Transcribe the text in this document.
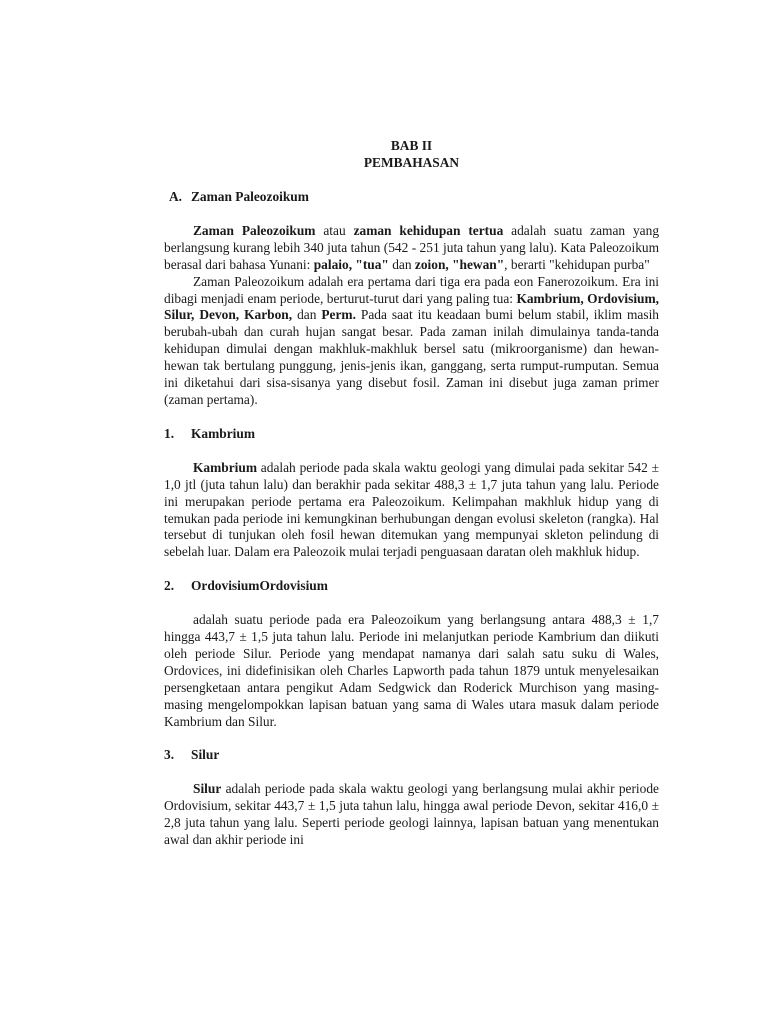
BAB II
PEMBAHASAN
A. Zaman Paleozoikum

Zaman Paleozoikum atau zaman kehidupan tertua adalah suatu zaman yang berlangsung kurang lebih 340 juta tahun (542 - 251 juta tahun yang lalu). Kata Paleozoikum berasal dari bahasa Yunani: palaio, "tua" dan zoion, "hewan", berarti "kehidupan purba"

Zaman Paleozoikum adalah era pertama dari tiga era pada eon Fanerozoikum. Era ini dibagi menjadi enam periode, berturut-turut dari yang paling tua: Kambrium, Ordovisium, Silur, Devon, Karbon, dan Perm. Pada saat itu keadaan bumi belum stabil, iklim masih berubah-ubah dan curah hujan sangat besar. Pada zaman inilah dimulainya tanda-tanda kehidupan dimulai dengan makhluk-makhluk bersel satu (mikroorganisme) dan hewan-hewan tak bertulang punggung, jenis-jenis ikan, ganggang, serta rumput-rumputan. Semua ini diketahui dari sisa-sisanya yang disebut fosil. Zaman ini disebut juga zaman primer (zaman pertama).

1. Kambrium

Kambrium adalah periode pada skala waktu geologi yang dimulai pada sekitar 542 ± 1,0 jtl (juta tahun lalu) dan berakhir pada sekitar 488,3 ± 1,7 juta tahun yang lalu. Periode ini merupakan periode pertama era Paleozoikum. Kelimpahan makhluk hidup yang di temukan pada periode ini kemungkinan berhubungan dengan evolusi skeleton (rangka). Hal tersebut di tunjukan oleh fosil hewan ditemukan yang mempunyai skleton pelindung di sebelah luar. Dalam era Paleozoik mulai terjadi penguasaan daratan oleh makhluk hidup.

2. OrdovisiumOrdovisium

adalah suatu periode pada era Paleozoikum yang berlangsung antara 488,3 ± 1,7 hingga 443,7 ± 1,5 juta tahun lalu. Periode ini melanjutkan periode Kambrium dan diikuti oleh periode Silur. Periode yang mendapat namanya dari salah satu suku di Wales, Ordovices, ini didefinisikan oleh Charles Lapworth pada tahun 1879 untuk menyelesaikan persengketaan antara pengikut Adam Sedgwick dan Roderick Murchison yang masing-masing mengelompokkan lapisan batuan yang sama di Wales utara masuk dalam periode Kambrium dan Silur.

3. Silur

Silur adalah periode pada skala waktu geologi yang berlangsung mulai akhir periode Ordovisium, sekitar 443,7 ± 1,5 juta tahun lalu, hingga awal periode Devon, sekitar 416,0 ± 2,8 juta tahun yang lalu. Seperti periode geologi lainnya, lapisan batuan yang menentukan awal dan akhir periode ini
